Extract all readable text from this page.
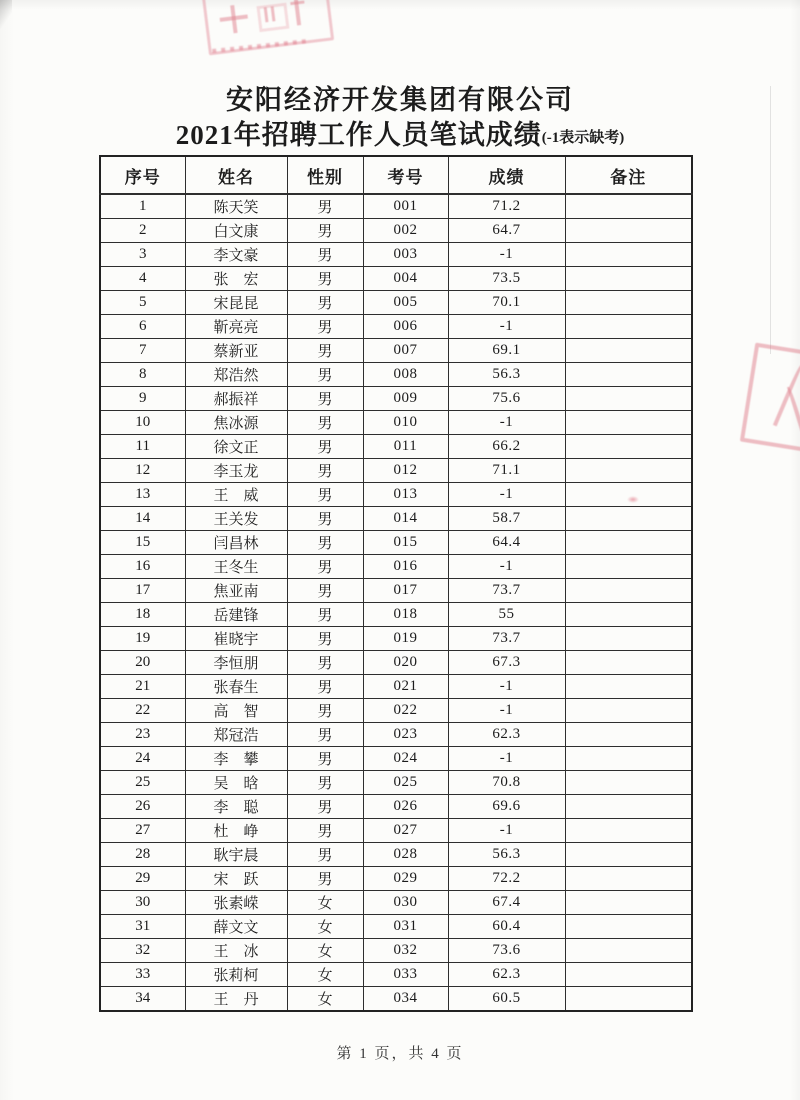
安阳经济开发集团有限公司
2021年招聘工作人员笔试成绩(-1表示缺考)
序号	姓名	性别	考号	成绩	备注
1	陈天笑	男	001	71.2	
2	白文康	男	002	64.7	
3	李文豪	男	003	-1	
4	张　宏	男	004	73.5	
5	宋昆昆	男	005	70.1	
6	靳亮亮	男	006	-1	
7	蔡新亚	男	007	69.1	
8	郑浩然	男	008	56.3	
9	郝振祥	男	009	75.6	
10	焦冰源	男	010	-1	
11	徐文正	男	011	66.2	
12	李玉龙	男	012	71.1	
13	王　威	男	013	-1	
14	王关发	男	014	58.7	
15	闫昌林	男	015	64.4	
16	王冬生	男	016	-1	
17	焦亚南	男	017	73.7	
18	岳建锋	男	018	55	
19	崔晓宇	男	019	73.7	
20	李恒朋	男	020	67.3	
21	张春生	男	021	-1	
22	高　智	男	022	-1	
23	郑冠浩	男	023	62.3	
24	李　攀	男	024	-1	
25	吴　晗	男	025	70.8	
26	李　聪	男	026	69.6	
27	杜　峥	男	027	-1	
28	耿宇晨	男	028	56.3	
29	宋　跃	男	029	72.2	
30	张素嵘	女	030	67.4	
31	薛文文	女	031	60.4	
32	王　冰	女	032	73.6	
33	张莉柯	女	033	62.3	
34	王　丹	女	034	60.5	
第 1 页，共 4 页
